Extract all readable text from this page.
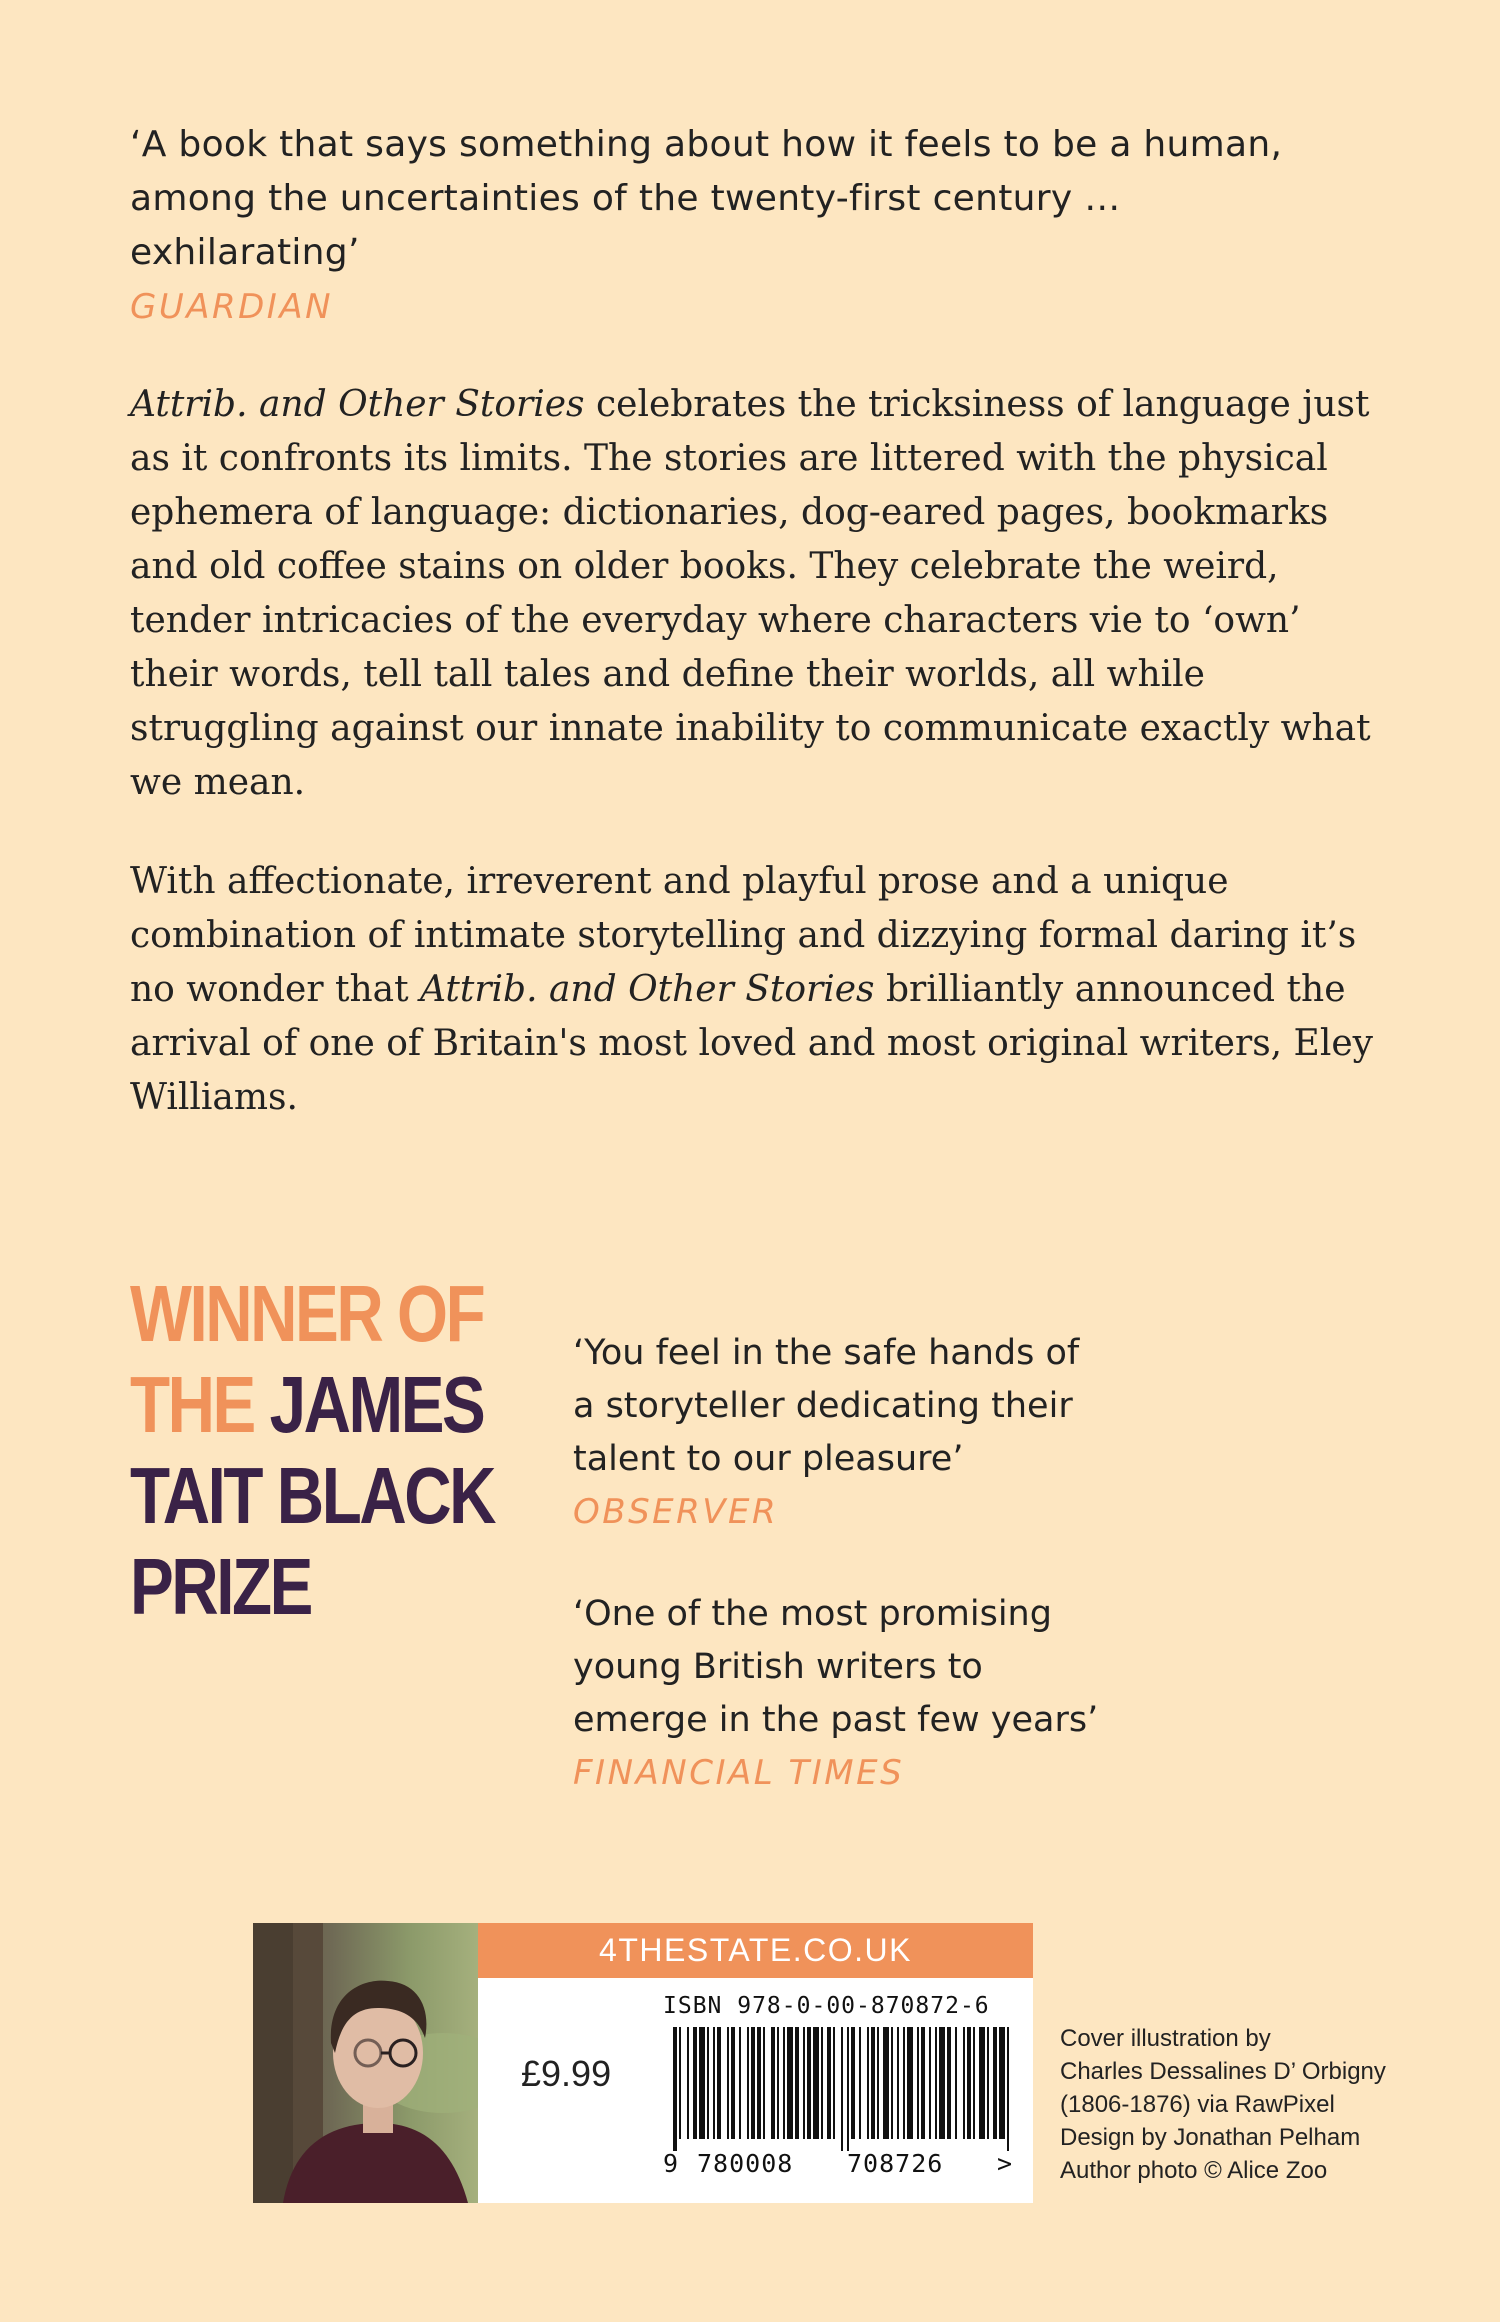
‘A book that says something about how it feels to be a human,
among the uncertainties of the twenty-first century …
exhilarating’
GUARDIAN

Attrib. and Other Stories celebrates the tricksiness of language just as it confronts its limits. The stories are littered with the physical ephemera of language: dictionaries, dog-eared pages, bookmarks and old coffee stains on older books. They celebrate the weird, tender intricacies of the everyday where characters vie to ‘own’ their words, tell tall tales and define their worlds, all while struggling against our innate inability to communicate exactly what we mean.

With affectionate, irreverent and playful prose and a unique combination of intimate storytelling and dizzying formal daring it’s no wonder that Attrib. and Other Stories brilliantly announced the arrival of one of Britain's most loved and most original writers, Eley Williams.

WINNER OF
THE JAMES
TAIT BLACK
PRIZE
‘You feel in the safe hands of
a storyteller dedicating their
talent to our pleasure’
OBSERVER
‘One of the most promising
young British writers to
emerge in the past few years’
FINANCIAL TIMES
4THESTATE.CO.UK
£9.99
ISBN 978-0-00-870872-6
9 780008	708726	>
Cover illustration by
Charles Dessalines D’ Orbigny
(1806-1876) via RawPixel
Design by Jonathan Pelham
Author photo © Alice Zoo
